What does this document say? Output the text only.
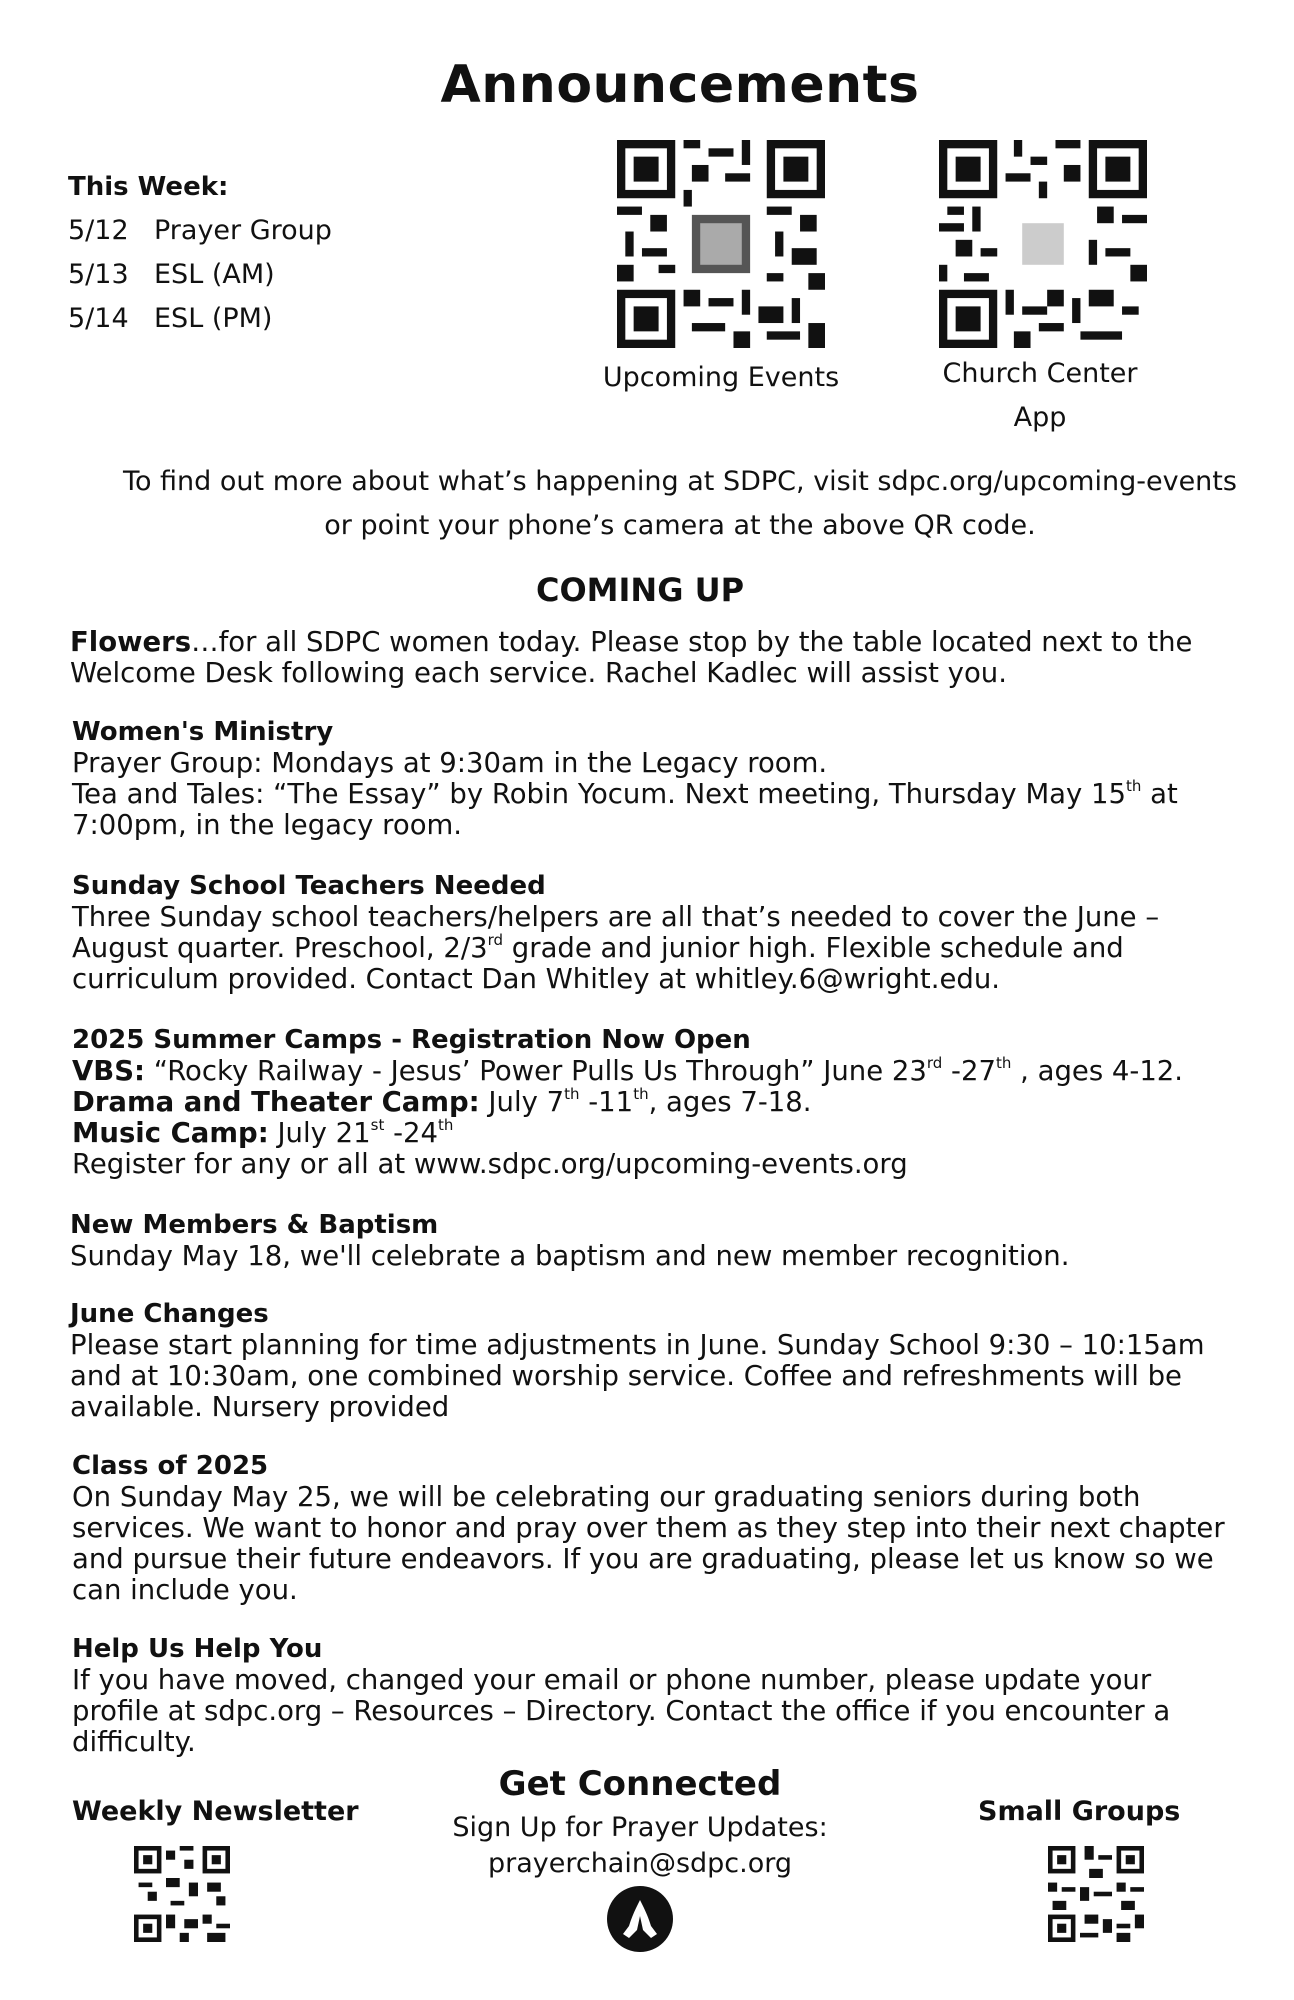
Announcements
This Week:
5/12 Prayer Group
5/13 ESL (AM)
5/14 ESL (PM)
Upcoming Events	Church Center
App
To find out more about what’s happening at SDPC, visit sdpc.org/upcoming-events
or point your phone’s camera at the above QR code.
COMING UP
Flowers…for all SDPC women today. Please stop by the table located next to the
Welcome Desk following each service. Rachel Kadlec will assist you.
Women's Ministry
Prayer Group: Mondays at 9:30am in the Legacy room.
Tea and Tales: “The Essay” by Robin Yocum. Next meeting, Thursday May 15th at
7:00pm, in the legacy room.
Sunday School Teachers Needed
Three Sunday school teachers/helpers are all that’s needed to cover the June –
August quarter. Preschool, 2/3rd grade and junior high. Flexible schedule and
curriculum provided. Contact Dan Whitley at whitley.6@wright.edu.
2025 Summer Camps - Registration Now Open
VBS: “Rocky Railway - Jesus’ Power Pulls Us Through” June 23rd -27th , ages 4-12.
Drama and Theater Camp: July 7th -11th, ages 7-18.
Music Camp: July 21st -24th
Register for any or all at www.sdpc.org/upcoming-events.org
New Members & Baptism
Sunday May 18, we'll celebrate a baptism and new member recognition.
June Changes
Please start planning for time adjustments in June. Sunday School 9:30 – 10:15am
and at 10:30am, one combined worship service. Coffee and refreshments will be
available. Nursery provided
Class of 2025
On Sunday May 25, we will be celebrating our graduating seniors during both
services. We want to honor and pray over them as they step into their next chapter
and pursue their future endeavors. If you are graduating, please let us know so we
can include you.
Help Us Help You
If you have moved, changed your email or phone number, please update your
profile at sdpc.org – Resources – Directory. Contact the office if you encounter a
difficulty.
Weekly Newsletter
Get Connected
Sign Up for Prayer Updates:
prayerchain@sdpc.org
Small Groups
